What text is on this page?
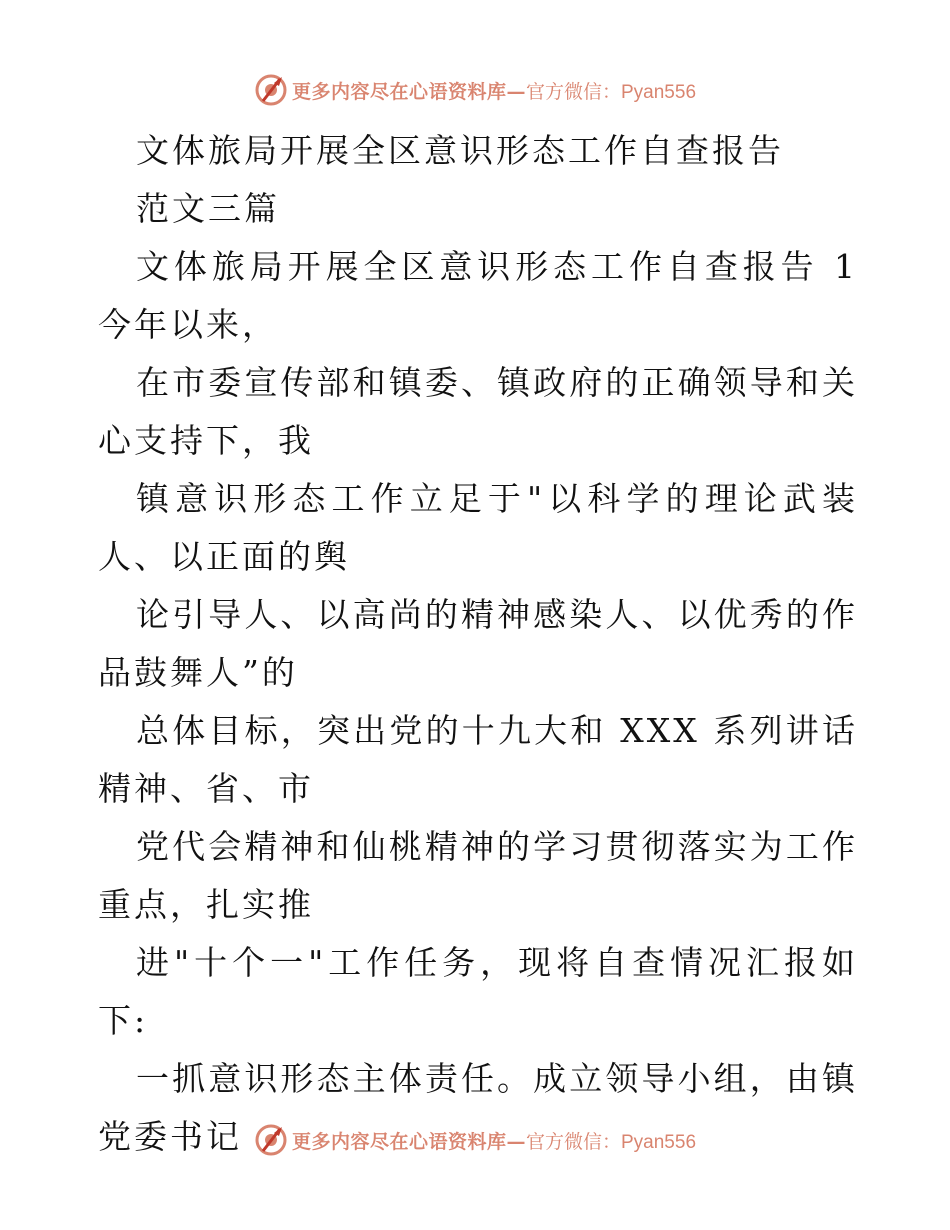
更多内容尽在心语资料库— 官方微信：Pyan556

文体旅局开展全区意识形态工作自查报告

范文三篇

文体旅局开展全区意识形态工作自查报告 1 今年以来，

在市委宣传部和镇委、镇政府的正确领导和关心支持下，我

镇意识形态工作立足于"以科学的理论武装人、以正面的舆

论引导人、以高尚的精神感染人、以优秀的作品鼓舞人”的

总体目标，突出党的十九大和 XXX 系列讲话精神、省、市

党代会精神和仙桃精神的学习贯彻落实为工作重点，扎实推

进"十个一"工作任务，现将自查情况汇报如下:

一抓意识形态主体责任。成立领导小组，由镇党委书记	更多内容尽在心语资料库— 官方微信：Pyan556
